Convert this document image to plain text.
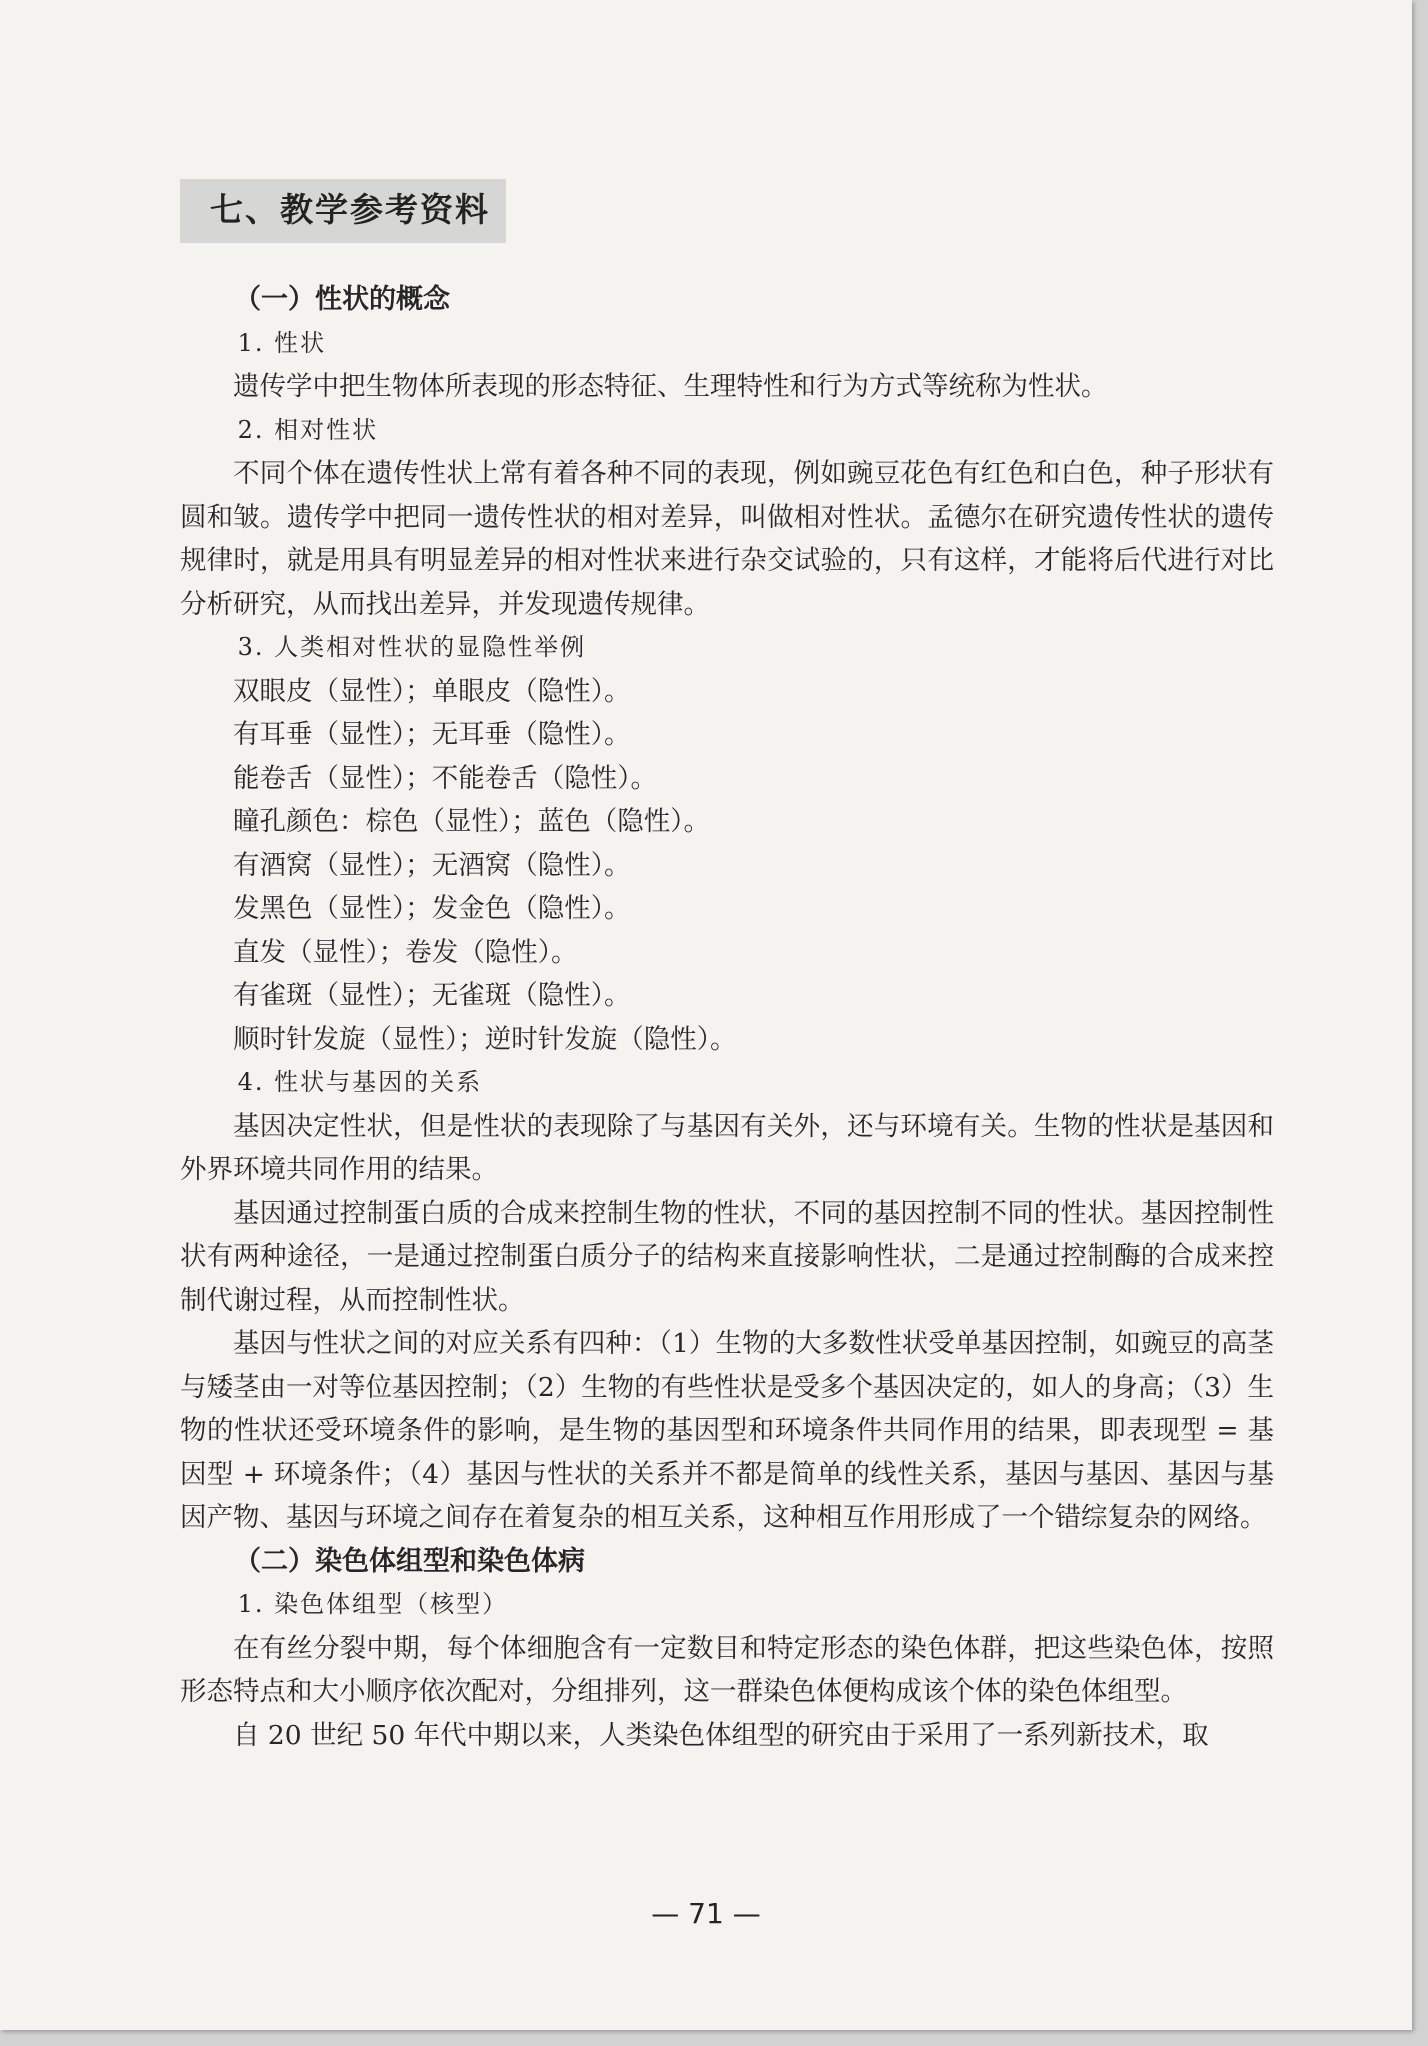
七、教学参考资料

（一）性状的概念

1. 性状

遗传学中把生物体所表现的形态特征、生理特性和行为方式等统称为性状。

2. 相对性状

不同个体在遗传性状上常有着各种不同的表现，例如豌豆花色有红色和白色，种子形状有圆和皱。遗传学中把同一遗传性状的相对差异，叫做相对性状。孟德尔在研究遗传性状的遗传规律时，就是用具有明显差异的相对性状来进行杂交试验的，只有这样，才能将后代进行对比分析研究，从而找出差异，并发现遗传规律。

3. 人类相对性状的显隐性举例

双眼皮（显性）；单眼皮（隐性）。

有耳垂（显性）；无耳垂（隐性）。

能卷舌（显性）；不能卷舌（隐性）。

瞳孔颜色：棕色（显性）；蓝色（隐性）。

有酒窝（显性）；无酒窝（隐性）。

发黑色（显性）；发金色（隐性）。

直发（显性）；卷发（隐性）。

有雀斑（显性）；无雀斑（隐性）。

顺时针发旋（显性）；逆时针发旋（隐性）。

4. 性状与基因的关系

基因决定性状，但是性状的表现除了与基因有关外，还与环境有关。生物的性状是基因和外界环境共同作用的结果。

基因通过控制蛋白质的合成来控制生物的性状，不同的基因控制不同的性状。基因控制性状有两种途径，一是通过控制蛋白质分子的结构来直接影响性状，二是通过控制酶的合成来控制代谢过程，从而控制性状。

基因与性状之间的对应关系有四种：（1）生物的大多数性状受单基因控制，如豌豆的高茎与矮茎由一对等位基因控制；（2）生物的有些性状是受多个基因决定的，如人的身高；（3）生物的性状还受环境条件的影响，是生物的基因型和环境条件共同作用的结果，即表现型 = 基因型 + 环境条件；（4）基因与性状的关系并不都是简单的线性关系，基因与基因、基因与基因产物、基因与环境之间存在着复杂的相互关系，这种相互作用形成了一个错综复杂的网络。

（二）染色体组型和染色体病

1. 染色体组型（核型）

在有丝分裂中期，每个体细胞含有一定数目和特定形态的染色体群，把这些染色体，按照形态特点和大小顺序依次配对，分组排列，这一群染色体便构成该个体的染色体组型。

自 20 世纪 50 年代中期以来，人类染色体组型的研究由于采用了一系列新技术，取

— 71 —
